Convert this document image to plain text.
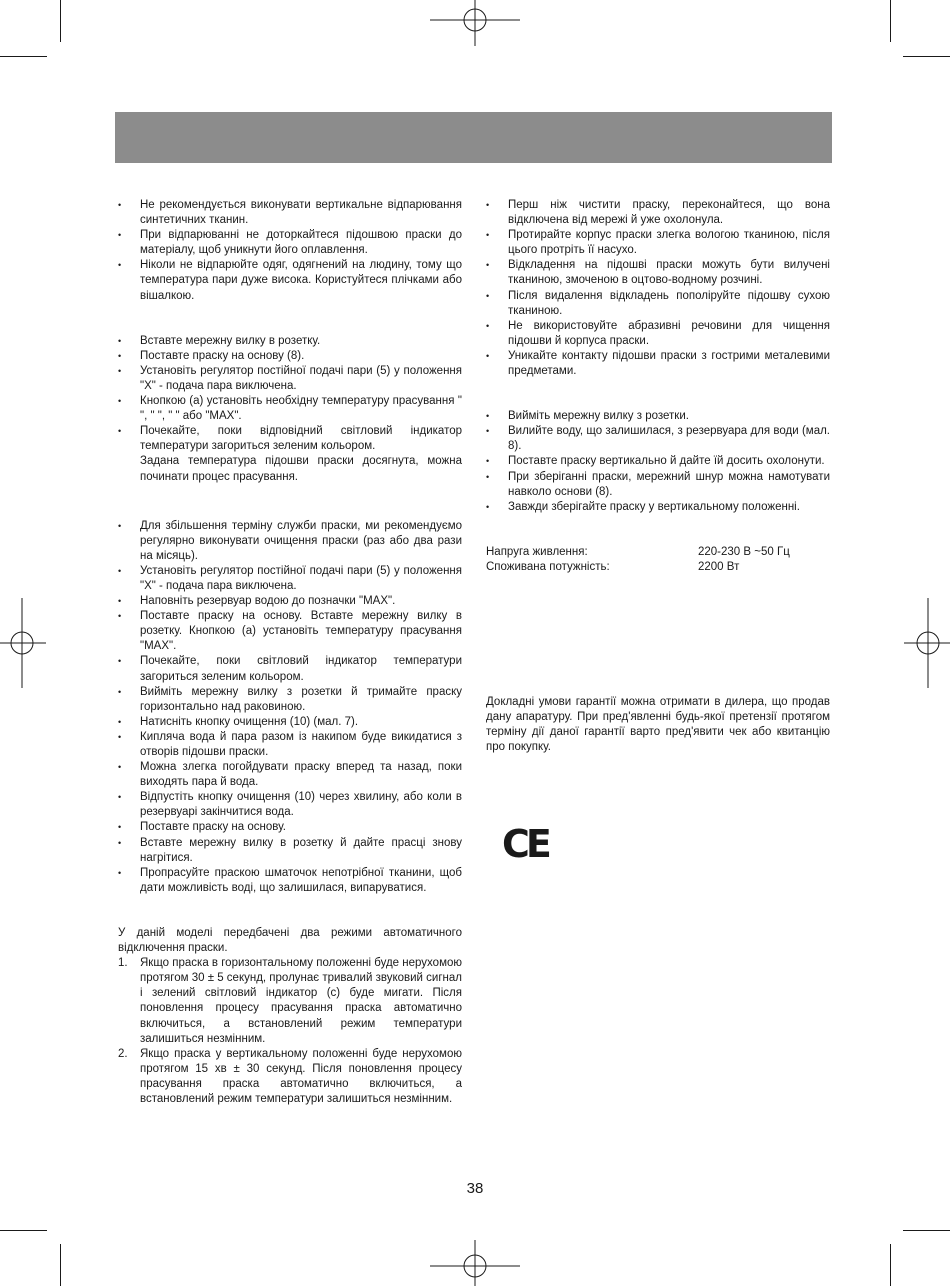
• Не рекомендується виконувати вертикальне відпарювання синтетичних тканин.
• При відпарюванні не доторкайтеся підошвою праски до матеріалу, щоб уникнути його оплавлення.
• Ніколи не відпарюйте одяг, одягнений на людину, тому що температура пари дуже висока. Користуйтеся плічками або вішалкою.
• Вставте мережну вилку в розетку.
• Поставте праску на основу (8).
• Установіть регулятор постійної подачі пари (5) у положення "X" - подача пара виключена.
• Кнопкою (а) установіть необхідну температуру прасування " ", " ", " " або "MAX".
• Почекайте, поки відповідний світловий індикатор температури загориться зеленим кольором.
Задана температура підошви праски досягнута, можна починати процес прасування.
• Для збільшення терміну служби праски, ми рекомендуємо регулярно виконувати очищення праски (раз або два рази на місяць).
• Установіть регулятор постійної подачі пари (5) у положення "X" - подача пара виключена.
• Наповніть резервуар водою до позначки "MAX".
• Поставте праску на основу. Вставте мережну вилку в розетку. Кнопкою (а) установіть температуру прасування "MAX".
• Почекайте, поки світловий індикатор температури загориться зеленим кольором.
• Вийміть мережну вилку з розетки й тримайте праску горизонтально над раковиною.
• Натисніть кнопку очищення (10) (мал. 7).
• Кипляча вода й пара разом із накипом буде викидатися з отворів підошви праски.
• Можна злегка погойдувати праску вперед та назад, поки виходять пара й вода.
• Відпустіть кнопку очищення (10) через хвилину, або коли в резервуарі закінчитися вода.
• Поставте праску на основу.
• Вставте мережну вилку в розетку й дайте прасці знову нагрітися.
• Пропрасуйте праскою шматочок непотрібної тканини, щоб дати можливість воді, що залишилася, випаруватися.
У даній моделі передбачені два режими автоматичного відключення праски.
1. Якщо праска в горизонтальному положенні буде нерухомою протягом 30 ± 5 секунд, пролунає тривалий звуковий сигнал і зелений світловий індикатор (с) буде мигати. Після поновлення процесу прасування праска автоматично включиться, а встановлений режим температури залишиться незмінним.
2. Якщо праска у вертикальному положенні буде нерухомою протягом 15 хв ± 30 секунд. Після поновлення процесу прасування праска автоматично включиться, а встановлений режим температури залишиться незмінним.
• Перш ніж чистити праску, переконайтеся, що вона відключена від мережі й уже охолонула.
• Протирайте корпус праски злегка вологою тканиною, після цього протріть її насухо.
• Відкладення на підошві праски можуть бути вилучені тканиною, змоченою в оцтово-водному розчині.
• Після видалення відкладень пополіруйте підошву сухою тканиною.
• Не використовуйте абразивні речовини для чищення підошви й корпуса праски.
• Уникайте контакту підошви праски з гострими металевими предметами.
• Вийміть мережну вилку з розетки.
• Вилийте воду, що залишилася, з резервуара для води (мал. 8).
• Поставте праску вертикально й дайте їй досить охолонути.
• При зберіганні праски, мережний шнур можна намотувати навколо основи (8).
• Завжди зберігайте праску у вертикальному положенні.
Напруга живлення:	220-230 В ~50 Гц
Споживана потужність:	2200 Вт
Докладні умови гарантії можна отримати в дилера, що продав дану апаратуру. При пред'явленні будь-якої претензії протягом терміну дії даної гарантії варто пред'явити чек або квитанцію про покупку.
CE
38
